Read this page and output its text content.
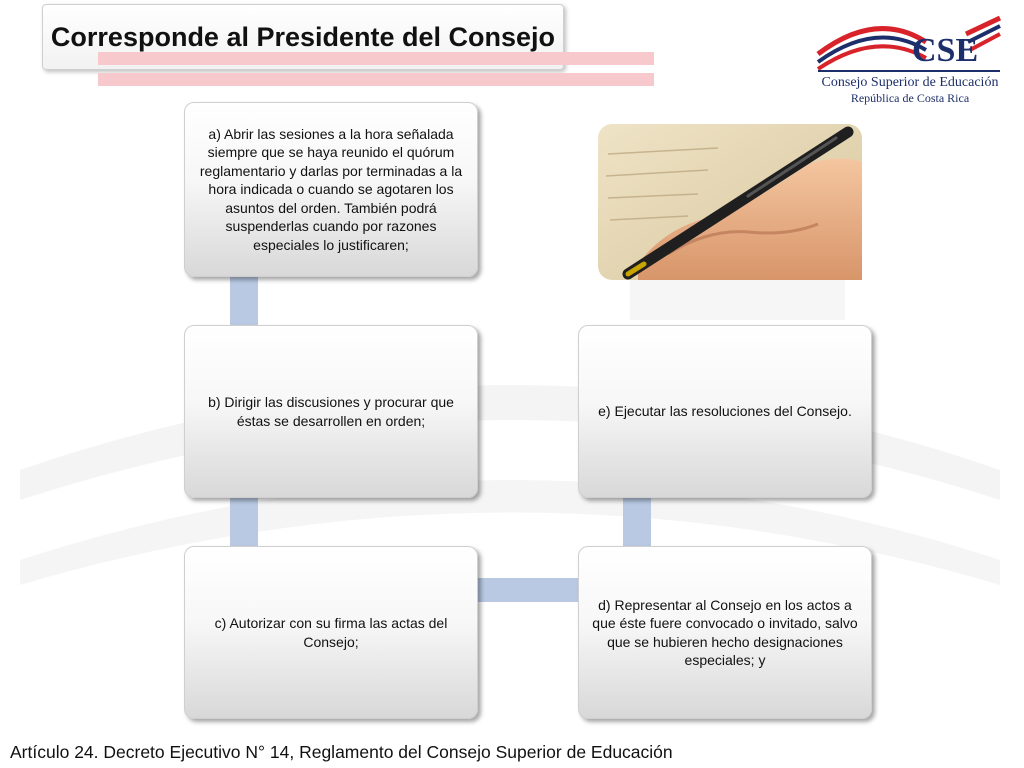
Corresponde al Presidente del Consejo	CSE
Consejo Superior de Educación
República de Costa Rica
a) Abrir las sesiones a la hora señalada siempre que se haya reunido el quórum reglamentario y darlas por terminadas a la hora indicada o cuando se agotaren los asuntos del orden. También podrá suspenderlas cuando por razones especiales lo justificaren;
b) Dirigir las discusiones y procurar que éstas se desarrollen en orden;
c) Autorizar con su firma las actas del Consejo;
d) Representar al Consejo en los actos a que éste fuere convocado o invitado, salvo que se hubieren hecho designaciones especiales; y
e) Ejecutar las resoluciones del Consejo.
Artículo 24. Decreto Ejecutivo N° 14, Reglamento del Consejo Superior de Educación
